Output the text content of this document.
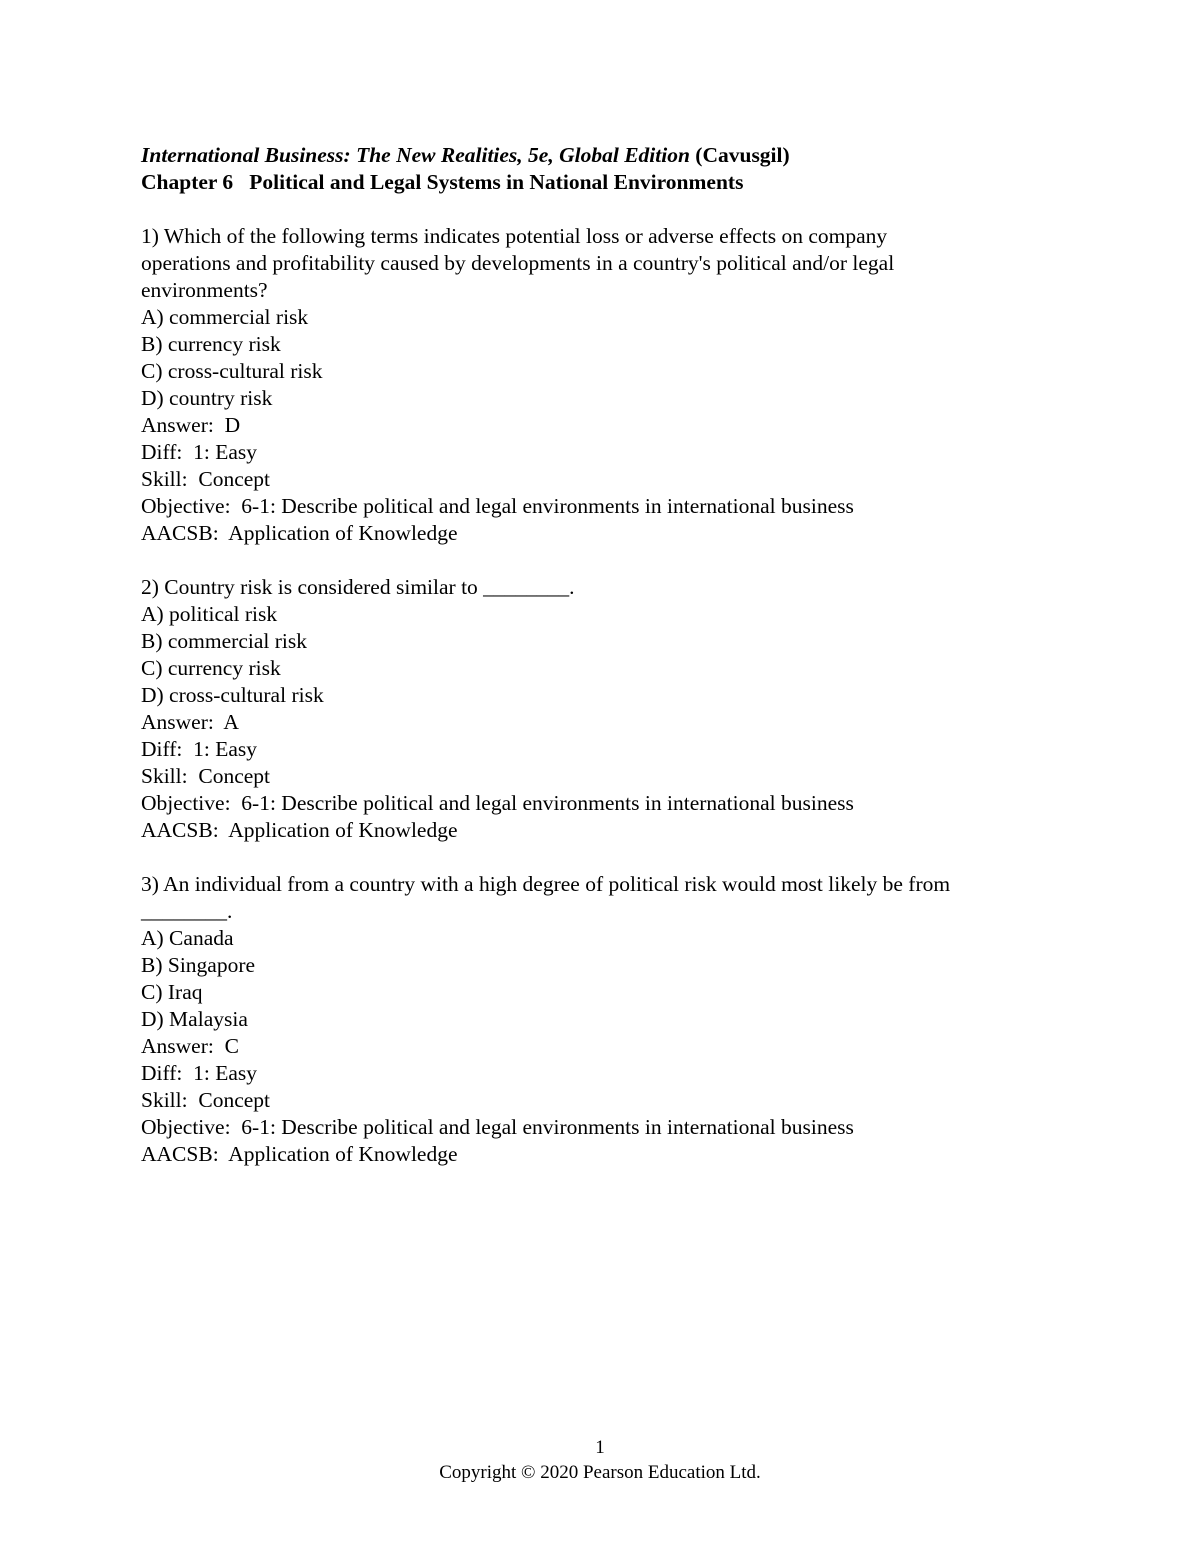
International Business: The New Realities, 5e, Global Edition (Cavusgil)
Chapter 6   Political and Legal Systems in National Environments
1) Which of the following terms indicates potential loss or adverse effects on company
operations and profitability caused by developments in a country's political and/or legal
environments?
A) commercial risk
B) currency risk
C) cross-cultural risk
D) country risk
Answer:  D
Diff:  1: Easy
Skill:  Concept
Objective:  6-1: Describe political and legal environments in international business
AACSB:  Application of Knowledge
2) Country risk is considered similar to ________.
A) political risk
B) commercial risk
C) currency risk
D) cross-cultural risk
Answer:  A
Diff:  1: Easy
Skill:  Concept
Objective:  6-1: Describe political and legal environments in international business
AACSB:  Application of Knowledge
3) An individual from a country with a high degree of political risk would most likely be from
________.
A) Canada
B) Singapore
C) Iraq
D) Malaysia
Answer:  C
Diff:  1: Easy
Skill:  Concept
Objective:  6-1: Describe political and legal environments in international business
AACSB:  Application of Knowledge
1
Copyright © 2020 Pearson Education Ltd.
